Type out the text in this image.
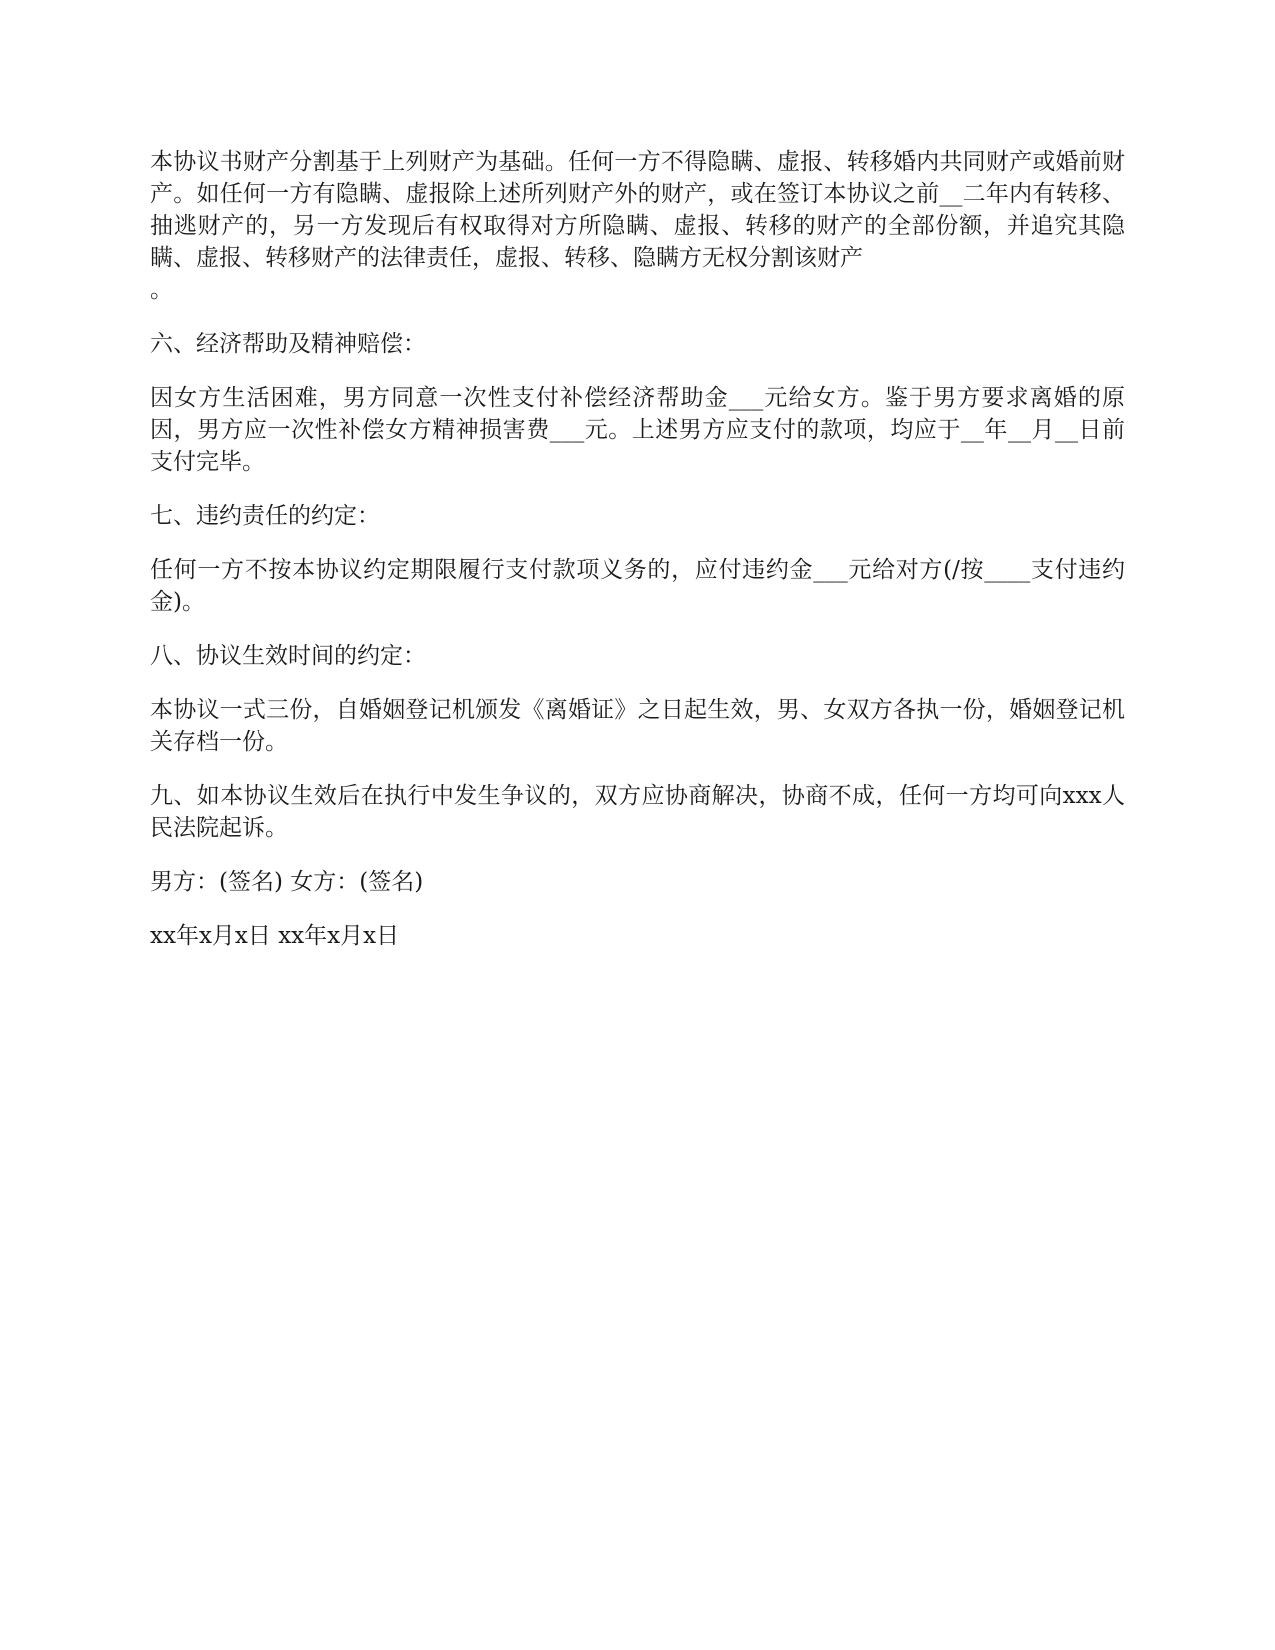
本协议书财产分割基于上列财产为基础。任何一方不得隐瞒、虚报、转移婚内共同财产或婚前财产。如任何一方有隐瞒、虚报除上述所列财产外的财产，或在签订本协议之前__二年内有转移、抽逃财产的，另一方发现后有权取得对方所隐瞒、虚报、转移的财产的全部份额，并追究其隐瞒、虚报、转移财产的法律责任，虚报、转移、隐瞒方无权分割该财产

。

六、经济帮助及精神赔偿：

因女方生活困难，男方同意一次性支付补偿经济帮助金___元给女方。鉴于男方要求离婚的原因，男方应一次性补偿女方精神损害费___元。上述男方应支付的款项，均应于__年__月__日前支付完毕。

七、违约责任的约定：

任何一方不按本协议约定期限履行支付款项义务的，应付违约金___元给对方(/按____支付违约金)。

八、协议生效时间的约定：

本协议一式三份，自婚姻登记机颁发《离婚证》之日起生效，男、女双方各执一份，婚姻登记机关存档一份。

九、如本协议生效后在执行中发生争议的，双方应协商解决，协商不成，任何一方均可向xxx人民法院起诉。

男方：(签名) 女方：(签名)

xx年x月x日 xx年x月x日
